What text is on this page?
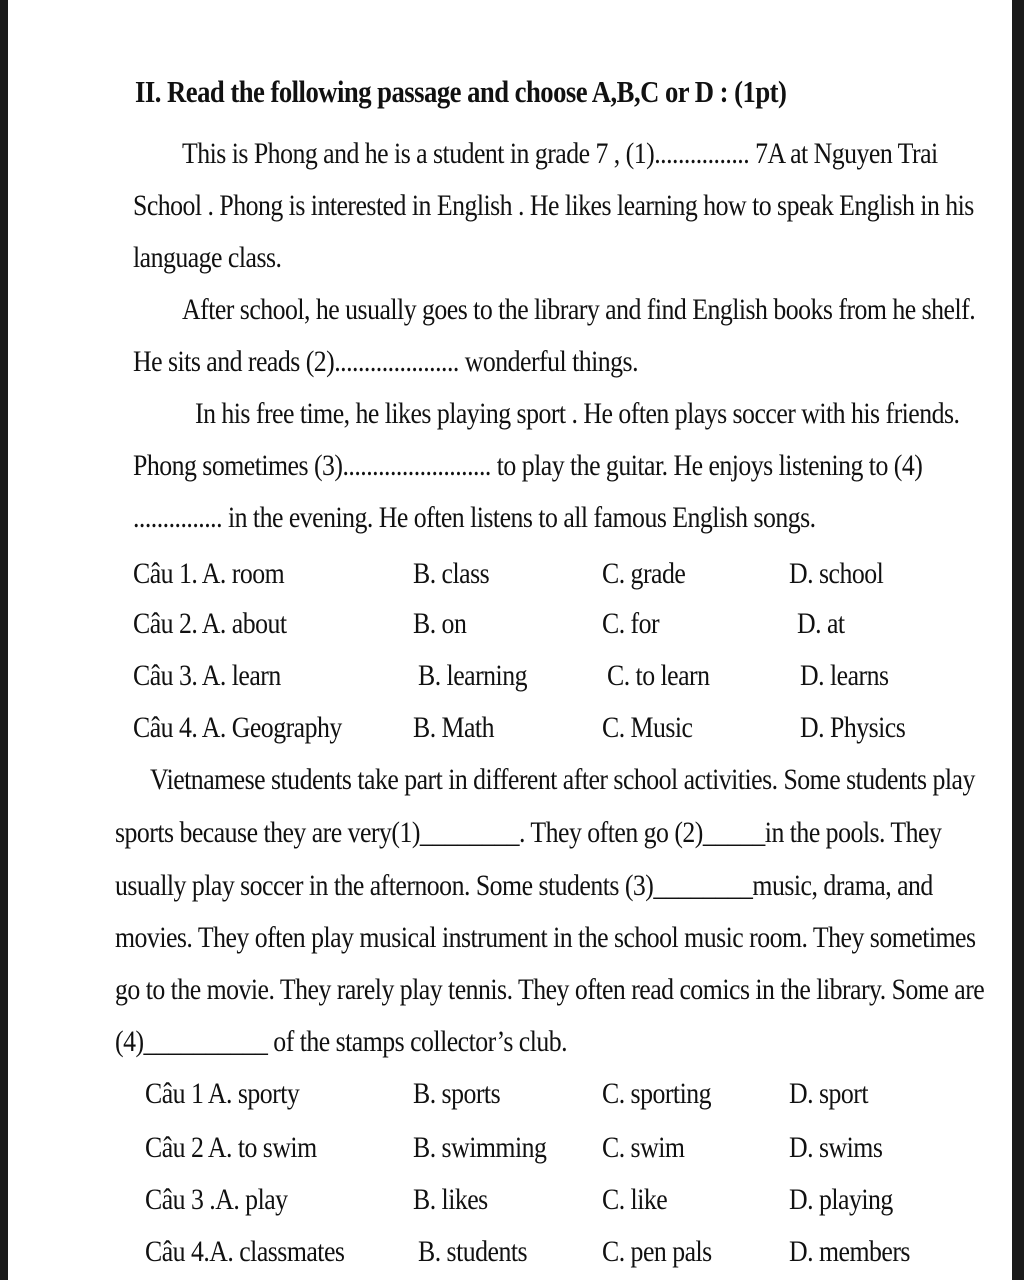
II. Read the following passage and choose A,B,C or D : (1pt)
This is Phong and he is a student in grade 7 , (1)................ 7A at Nguyen Trai
School . Phong is interested in English . He likes learning how to speak English in his
language class.
After school, he usually goes to the library and find English books from he shelf.
He sits and reads (2)..................... wonderful things.
In his free time, he likes playing sport . He often plays soccer with his friends.
Phong sometimes (3)......................... to play the guitar. He enjoys listening to (4)
............... in the evening. He often listens to all famous English songs.
Câu 1. A. room	B. class	C. grade	D. school
Câu 2. A. about	B. on	C. for	D. at
Câu 3. A. learn	B. learning	C. to learn	D. learns
Câu 4. A. Geography B. Math	C. Music	D. Physics
Vietnamese students take part in different after school activities. Some students play
sports because they are very(1)________. They often go (2)_____in the pools. They
usually play soccer in the afternoon. Some students (3)________music, drama, and
movies. They often play musical instrument in the school music room. They sometimes
go to the movie. They rarely play tennis. They often read comics in the library. Some are
(4)__________ of the stamps collector’s club.
Câu 1 A. sporty	B. sports	C. sporting	D. sport
Câu 2 A. to swim	B. swimming C. swim	D. swims
Câu 3 .A. play	B. likes	C. like	D. playing
Câu 4.A. classmates B. students C. pen pals	D. members
